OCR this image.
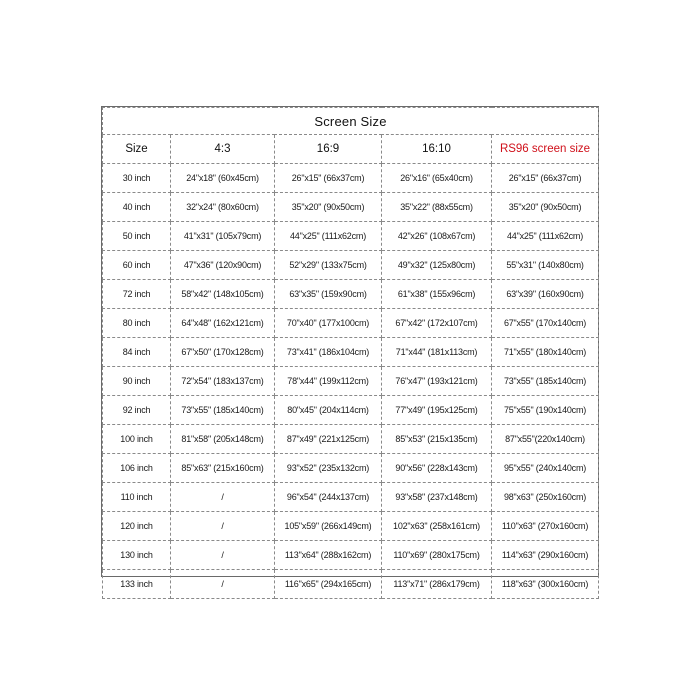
Screen Size				
Size	4:3	16:9	16:10	RS96 screen size
30 inch	24"x18" (60x45cm)	26"x15" (66x37cm)	26"x16" (65x40cm)	26"x15" (66x37cm)
40 inch	32"x24" (80x60cm)	35"x20" (90x50cm)	35"x22" (88x55cm)	35"x20" (90x50cm)
50 inch	41"x31" (105x79cm)	44"x25" (111x62cm)	42"x26" (108x67cm)	44"x25" (111x62cm)
60 inch	47"x36" (120x90cm)	52"x29" (133x75cm)	49"x32" (125x80cm)	55"x31" (140x80cm)
72 inch	58"x42" (148x105cm)	63"x35" (159x90cm)	61"x38" (155x96cm)	63"x39" (160x90cm)
80 inch	64"x48" (162x121cm)	70"x40" (177x100cm)	67"x42" (172x107cm)	67"x55" (170x140cm)
84 inch	67"x50" (170x128cm)	73"x41" (186x104cm)	71"x44" (181x113cm)	71"x55" (180x140cm)
90 inch	72"x54" (183x137cm)	78"x44" (199x112cm)	76"x47" (193x121cm)	73"x55" (185x140cm)
92 inch	73"x55" (185x140cm)	80"x45" (204x114cm)	77"x49" (195x125cm)	75"x55" (190x140cm)
100 inch	81"x58" (205x148cm)	87"x49" (221x125cm)	85"x53" (215x135cm)	87"x55"(220x140cm)
106 inch	85"x63" (215x160cm)	93"x52" (235x132cm)	90"x56" (228x143cm)	95"x55" (240x140cm)
110 inch	/	96"x54" (244x137cm)	93"x58" (237x148cm)	98"x63" (250x160cm)
120 inch	/	105"x59" (266x149cm)	102"x63" (258x161cm)	110"x63" (270x160cm)
130 inch	/	113"x64" (288x162cm)	110"x69" (280x175cm)	114"x63" (290x160cm)
133 inch	/	116"x65" (294x165cm)	113"x71" (286x179cm)	118"x63" (300x160cm)
